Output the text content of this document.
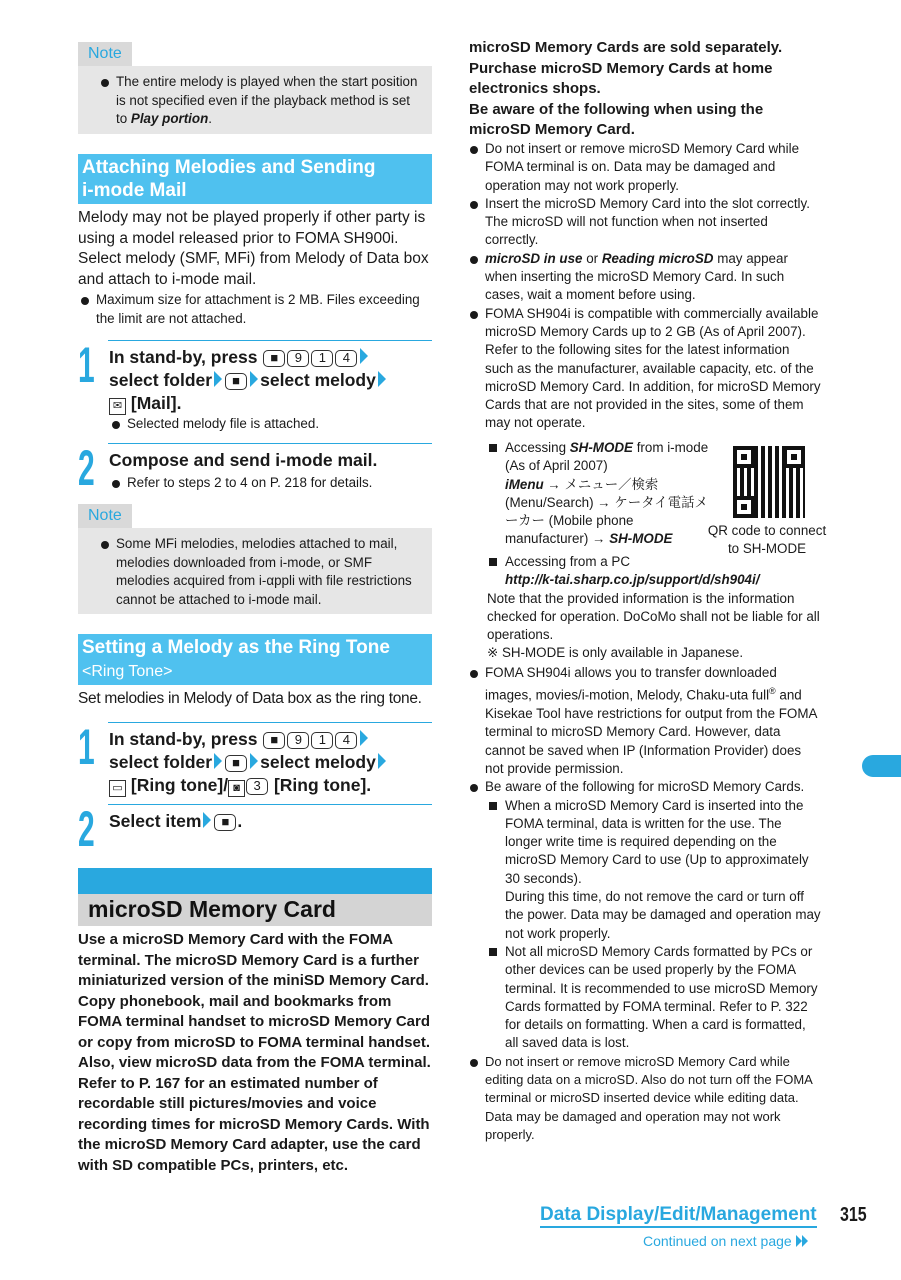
Note
The entire melody is played when the start position is not specified even if the playback method is set to Play portion.
Attaching Melodies and Sending
i-mode Mail
Melody may not be played properly if other party is using a model released prior to FOMA SH900i. Select melody (SMF, MFi) from Melody of Data box and attach to i-mode mail.
Maximum size for attachment is 2 MB. Files exceeding the limit are not attached.
1 In stand-by, press ■ 9 1 4
select folder ■ select melody
✉ [Mail].
Selected melody file is attached.
2 Compose and send i-mode mail.
Refer to steps 2 to 4 on P. 218 for details.
Note
Some MFi melodies, melodies attached to mail, melodies downloaded from i-mode, or SMF melodies acquired from i-αppli with file restrictions cannot be attached to i-mode mail.
Setting a Melody as the Ring Tone
<Ring Tone>
Set melodies in Melody of Data box as the ring tone.
1 In stand-by, press ■ 9 1 4
select folder ■ select melody
▭ [Ring tone]/ ◙ 3 [Ring tone].
2 Select item ■ .
microSD Memory Card
Use a microSD Memory Card with the FOMA terminal. The microSD Memory Card is a further miniaturized version of the miniSD Memory Card. Copy phonebook, mail and bookmarks from FOMA terminal handset to microSD Memory Card or copy from microSD to FOMA terminal handset. Also, view microSD data from the FOMA terminal. Refer to P. 167 for an estimated number of recordable still pictures/movies and voice recording times for microSD Memory Cards. With the microSD Memory Card adapter, use the card with SD compatible PCs, printers, etc.
microSD Memory Cards are sold separately. Purchase microSD Memory Cards at home electronics shops.
Be aware of the following when using the microSD Memory Card.
Do not insert or remove microSD Memory Card while FOMA terminal is on. Data may be damaged and operation may not work properly.
Insert the microSD Memory Card into the slot correctly. The microSD will not function when not inserted correctly.
microSD in use or Reading microSD may appear when inserting the microSD Memory Card. In such cases, wait a moment before using.
FOMA SH904i is compatible with commercially available microSD Memory Cards up to 2 GB (As of April 2007). Refer to the following sites for the latest information such as the manufacturer, available capacity, etc. of the microSD Memory Card. In addition, for microSD Memory Cards that are not provided in the sites, some of them may not operate.
Accessing SH-MODE from i-mode (As of April 2007)
iMenu → メニュー／検索 (Menu/Search) → ケータイ電話メーカー (Mobile phone manufacturer) → SH-MODE
QR code to connect to SH-MODE
Accessing from a PC
http://k-tai.sharp.co.jp/support/d/sh904i/
Note that the provided information is the information checked for operation. DoCoMo shall not be liable for all operations.
※ SH-MODE is only available in Japanese.
FOMA SH904i allows you to transfer downloaded images, movies/i-motion, Melody, Chaku-uta full® and Kisekae Tool have restrictions for output from the FOMA terminal to microSD Memory Card. However, data cannot be saved when IP (Information Provider) does not provide permission.
Be aware of the following for microSD Memory Cards.
When a microSD Memory Card is inserted into the FOMA terminal, data is written for the use. The longer write time is required depending on the microSD Memory Card to use (Up to approximately 30 seconds).
During this time, do not remove the card or turn off the power. Data may be damaged and operation may not work properly.
Not all microSD Memory Cards formatted by PCs or other devices can be used properly by the FOMA terminal. It is recommended to use microSD Memory Cards formatted by FOMA terminal. Refer to P. 322 for details on formatting. When a card is formatted, all saved data is lost.
Do not insert or remove microSD Memory Card while editing data on a microSD. Also do not turn off the FOMA terminal or microSD inserted device while editing data. Data may be damaged and operation may not work properly.
Data Display/Edit/Management 315
Continued on next page
